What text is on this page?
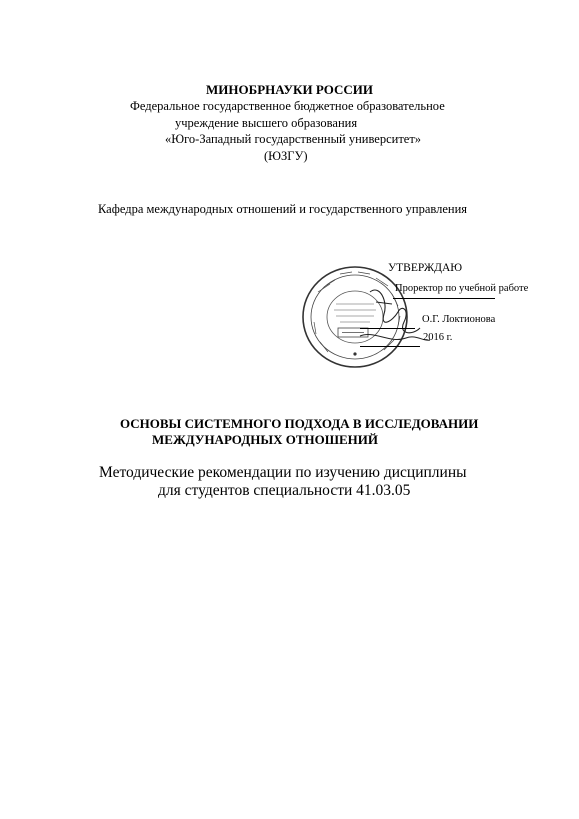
МИНОБРНАУКИ РОССИИ
Федеральное государственное бюджетное образовательное
учреждение высшего образования
«Юго-Западный государственный университет»
(ЮЗГУ)
Кафедра международных отношений и государственного управления
УТВЕРЖДАЮ
Проректор по учебной работе
О.Г. Локтионова
2016 г.
ОСНОВЫ СИСТЕМНОГО ПОДХОДА В ИССЛЕДОВАНИИ
МЕЖДУНАРОДНЫХ ОТНОШЕНИЙ
Методические рекомендации по изучению дисциплины
для студентов специальности 41.03.05
